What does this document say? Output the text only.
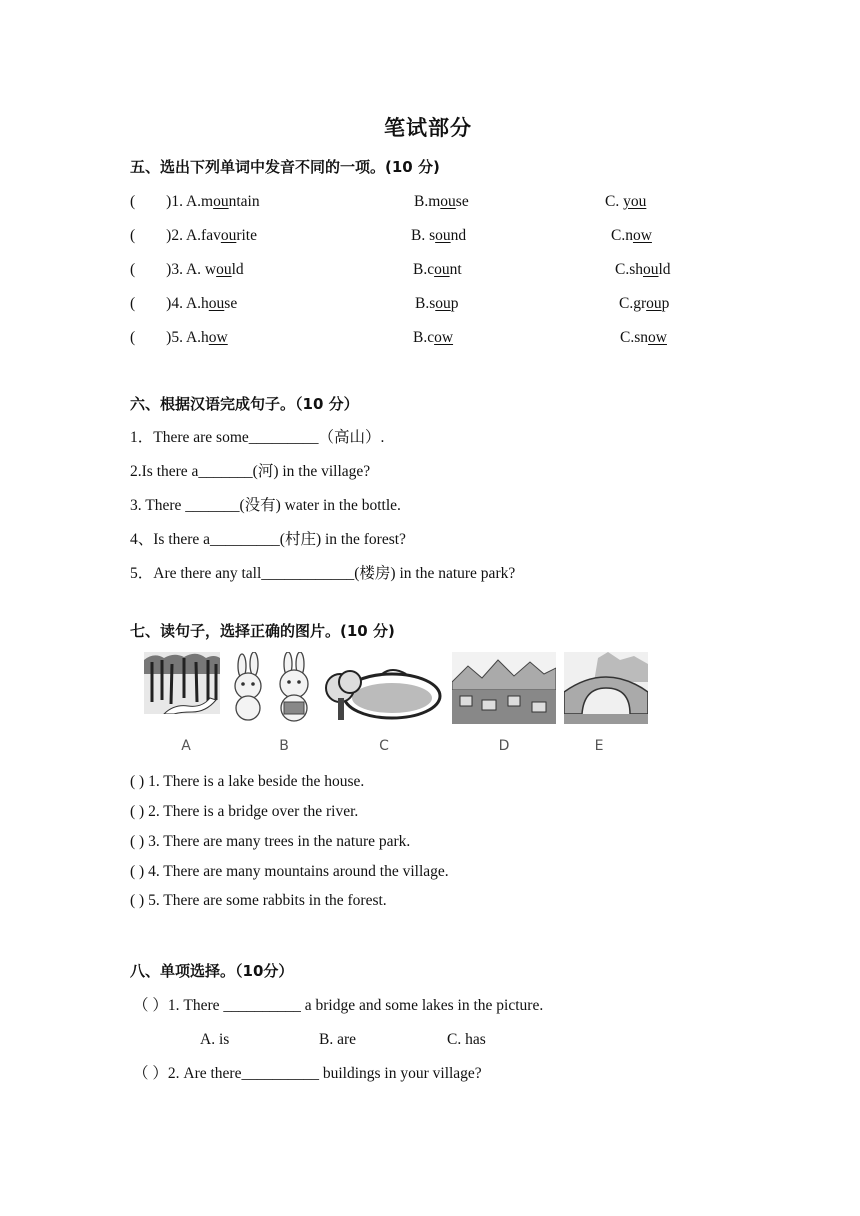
笔试部分
五、选出下列单词中发音不同的一项。(10 分)
(        )1. A.mountain	B.mouse	C. you
(        )2. A.favourite	B. sound	C.now
(        )3. A. would	B.count	C.should
(        )4. A.house	B.soup	C.group
(        )5. A.how	B.cow	C.snow
六、根据汉语完成句子。（10 分）
1．There are some_________（高山）.
2.Is there a_______(河) in the village?
3. There _______(没有) water in the bottle.
4、Is there a_________(村庄) in the forest?
5．Are there any tall____________(楼房) in the nature park?
七、读句子，选择正确的图片。(10 分)
A	B	C	D	E
( ) 1. There is a lake beside the house.
( ) 2. There is a bridge over the river.
( ) 3. There are many trees in the nature park.
( ) 4. There are many mountains around the village.
( ) 5. There are some rabbits in the forest.
八、单项选择。（10分）
（ ）1. There __________ a bridge and some lakes in the picture.
A. is	B. are	C. has
（ ）2. Are there__________ buildings in your village?
